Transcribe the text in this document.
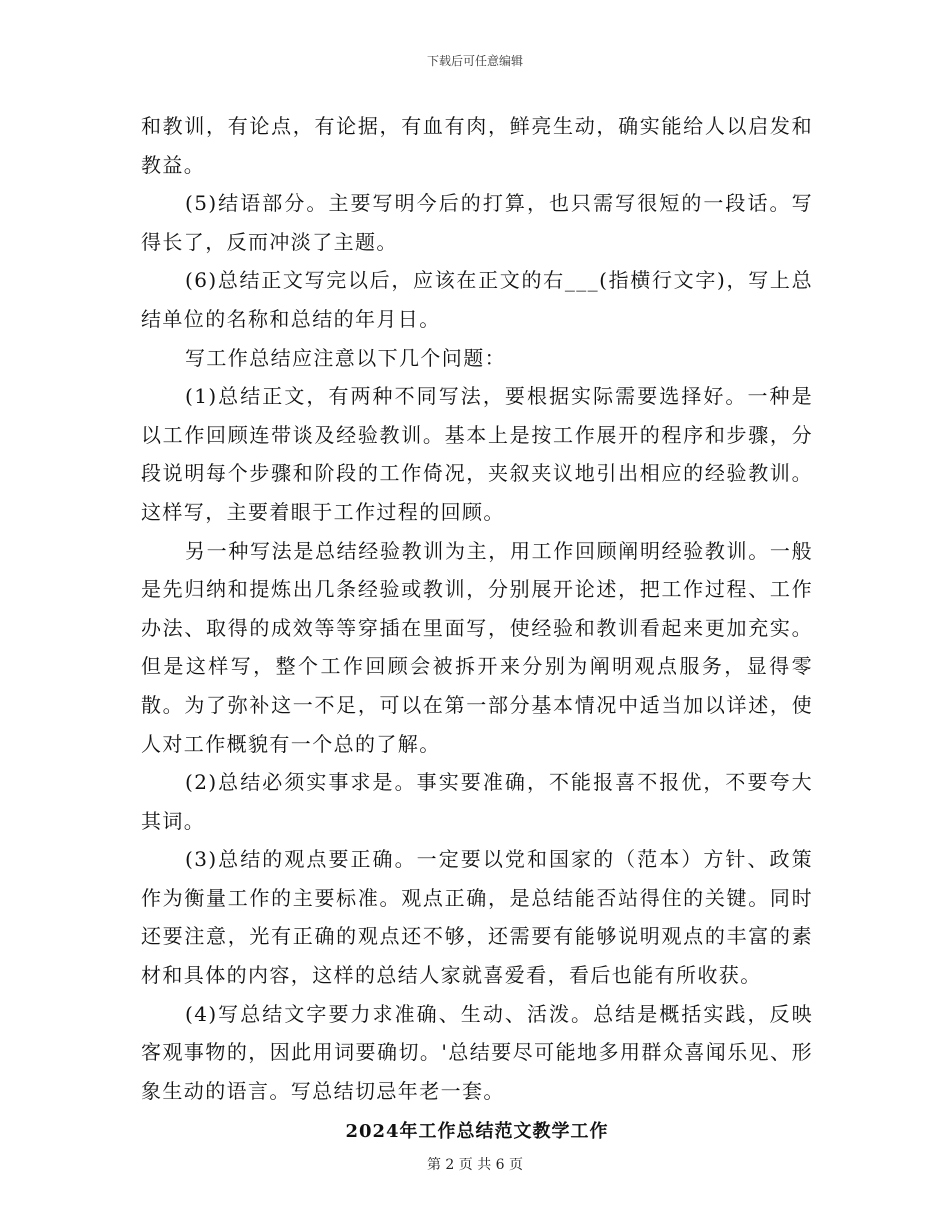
下载后可任意编辑

和教训，有论点，有论据，有血有肉，鲜亮生动，确实能给人以启发和教益。

(5)结语部分。主要写明今后的打算，也只需写很短的一段话。写得长了，反而冲淡了主题。

(6)总结正文写完以后，应该在正文的右___(指横行文字)，写上总结单位的名称和总结的年月日。

写工作总结应注意以下几个问题：

(1)总结正文，有两种不同写法，要根据实际需要选择好。一种是以工作回顾连带谈及经验教训。基本上是按工作展开的程序和步骤，分段说明每个步骤和阶段的工作倚况，夹叙夹议地引出相应的经验教训。这样写，主要着眼于工作过程的回顾。

另一种写法是总结经验教训为主，用工作回顾阐明经验教训。一般是先归纳和提炼出几条经验或教训，分别展开论述，把工作过程、工作办法、取得的成效等等穿插在里面写，使经验和教训看起来更加充实。但是这样写，整个工作回顾会被拆开来分别为阐明观点服务，显得零散。为了弥补这一不足，可以在第一部分基本情况中适当加以详述，使人对工作概貌有一个总的了解。

(2)总结必须实事求是。事实要准确，不能报喜不报优，不要夸大其词。

(3)总结的观点要正确。一定要以党和国家的（范本）方针、政策作为衡量工作的主要标准。观点正确，是总结能否站得住的关键。同时还要注意，光有正确的观点还不够，还需要有能够说明观点的丰富的素材和具体的内容，这样的总结人家就喜爱看，看后也能有所收获。

(4)写总结文字要力求准确、生动、活泼。总结是概括实践，反映客观事物的，因此用词要确切。'总结要尽可能地多用群众喜闻乐见、形象生动的语言。写总结切忌年老一套。

2024年工作总结范文教学工作
第 2 页 共 6 页
